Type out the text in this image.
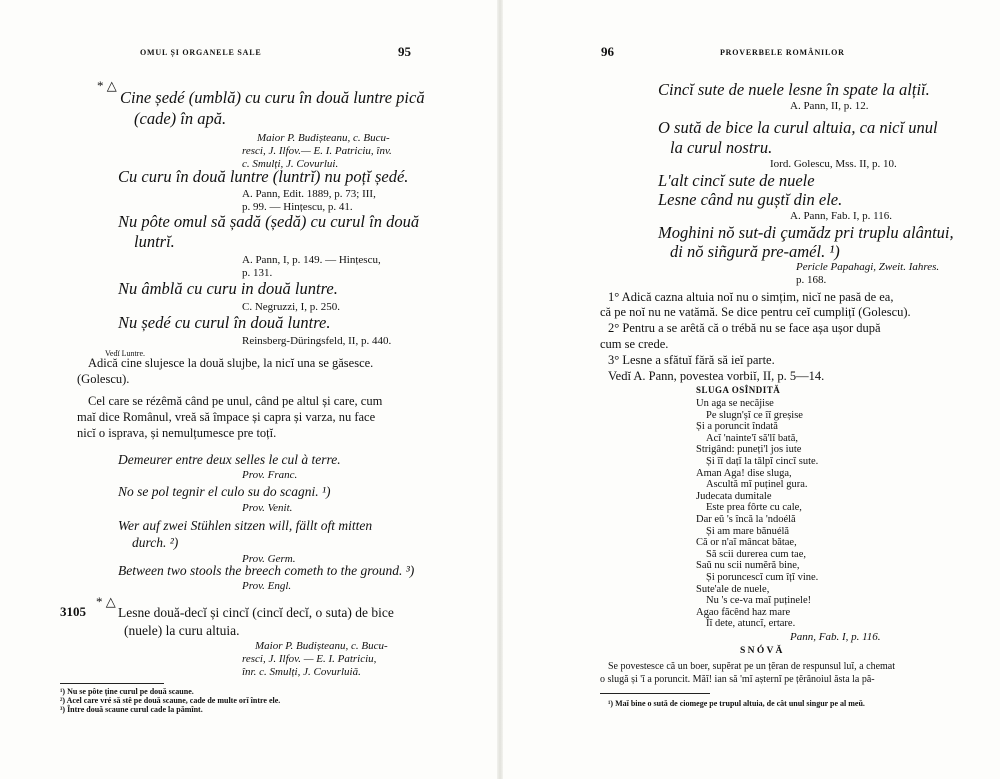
OMUL ȘI ORGANELE SALE	95
* △
Cine ședé (umblă) cu curu în două luntre pică
(cade) în apă.
Maior P. Budișteanu, c. Bucu-
resci, J. Ilfov.— E. I. Patriciu, înv.
c. Smulți, J. Covurlui.
Cu curu în două luntre (luntrĭ) nu poțĭ ședé.
A. Pann, Edit. 1889, p. 73; III,
p. 99. — Hințescu, p. 41.
Nu pôte omul să șadă (ședă) cu curul în două
luntrĭ.
A. Pann, I, p. 149. — Hințescu,
p. 131.
Nu âmblă cu curu in două luntre.
C. Negruzzi, I, p. 250.
Nu ședé cu curul în două luntre.
Reinsberg-Düringsfeld, II, p. 440.
Vedĭ Luntre.
Adică cine slujesce la două slujbe, la nicĭ una se găsesce.
(Golescu).
Cel care se rézêmă când pe unul, când pe altul și care, cum
maĭ dice Românul, vreă să împace și capra și varza, nu face
nicĭ o isprava, și nemulțumesce pre toțĭ.
Demeurer entre deux selles le cul à terre.
Prov. Franc.
No se pol tegnir el culo su do scagni. ¹)
Prov. Venit.
Wer auf zwei Stühlen sitzen will, fällt oft mitten
durch. ²)
Prov. Germ.
Between two stools the breech cometh to the ground. ³)
Prov. Engl.
3105
* △
Lesne două-decĭ și cincĭ (cincĭ decĭ, o suta) de bice
(nuele) la curu altuia.
Maior P. Budișteanu, c. Bucu-
resci, J. Ilfov. — E. I. Patriciu,
înr. c. Smulți, J. Covurluiă.
¹) Nu se pôte ține curul pe două scaune.
²) Acel care vré să stê pe două scaune, cade de multe orĭ între ele.
³) Între două scaune curul cade la pămînt.
96	PROVERBELE ROMÂNILOR
Cincĭ sute de nuele lesne în spate la alțiĭ.
A. Pann, II, p. 12.
O sută de bice la curul altuia, ca nicĭ unul
la curul nostru.
Iord. Golescu, Mss. II, p. 10.
L'alt cincĭ sute de nuele
Lesne când nu guștĭ din ele.
A. Pann, Fab. I, p. 116.
Moghini nŏ sut-di çumădz pri truplu alântui,
di nŏ siñgură pre-amél. ¹)
Pericle Papahagi, Zweit. Iahres.
p. 168.
1° Adică cazna altuia noĭ nu o simțim, nicĭ ne pasă de ea,
că pe noĭ nu ne vatămă. Se dice pentru ceĭ cumplițĭ (Golescu).
2° Pentru a se arêtă că o trébă nu se face așa ușor după
cum se crede.
3° Lesne a sfătuĭ fără să ieĭ parte.
Vedĭ A. Pann, povestea vorbiĭ, II, p. 5—14.
SLUGA OSÎNDITĂ
Un aga se necăjise
Pe slugn'șĭ ce îĭ greșise
Și a poruncit îndată
Acĭ 'nainte'ĭ să'lĭ bată,
Strigând: puneți'l jos iute
Și îĭ dațĭ la tălpĭ cincĭ sute.
Aman Aga! dise sluga,
Ascultă mĭ puținel gura.
Judecata dumitale
Este prea fôrte cu cale,
Dar eŭ 's încă la 'ndoélă
Și am mare bănuélă
Că or n'aĭ mâncat bătae,
Să scii durerea cum tae,
Saŭ nu scii numĕră bine,
Și poruncescĭ cum îțĭ vine.
Sute'ale de nuele,
Nu 's ce-va maĭ puținele!
Agao făcênd haz mare
Îĭ dete, atuncĭ, ertare.
Pann, Fab. I, p. 116.
S N Ó V Ă
Se povestesce că un boer, supĕrat pe un țĕran de respunsul luĭ, a chemat
o slugă și 'ĭ a poruncit. Măĭ! ian să 'mĭ așternĭ pe țĕrănoiul ăsta la pă-
¹) Maĭ bine o sută de ciomege pe trupul altuia, de cât unul singur pe al meŭ.
